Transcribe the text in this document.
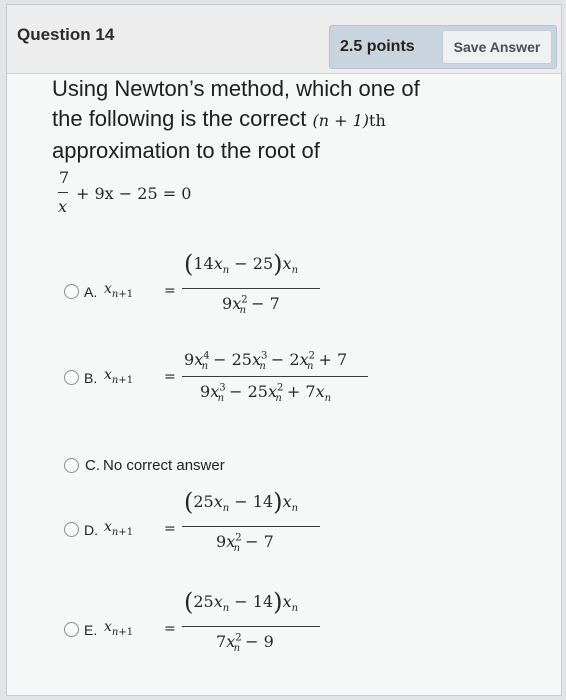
Question 14
2.5 points	Save Answer
Using Newton’s method, which one of
the following is the correct (n + 1)th
approximation to the root of
7
x
+ 9x − 25 = 0
A. $x_{n+1}$ =
$(14x_n - 25)x_n$
$9x^2_n - 7$
B. $x_{n+1}$ =
$9x^4_n - 25x^3_n - 2x^2_n + 7$
$9x^3_n - 25x^2_n + 7x_n$
C. No correct answer
D. $x_{n+1}$ =
$(25x_n - 14)x_n$
$9x^2_n - 7$
E. $x_{n+1}$ =
$(25x_n - 14)x_n$
$7x^2_n - 9$
